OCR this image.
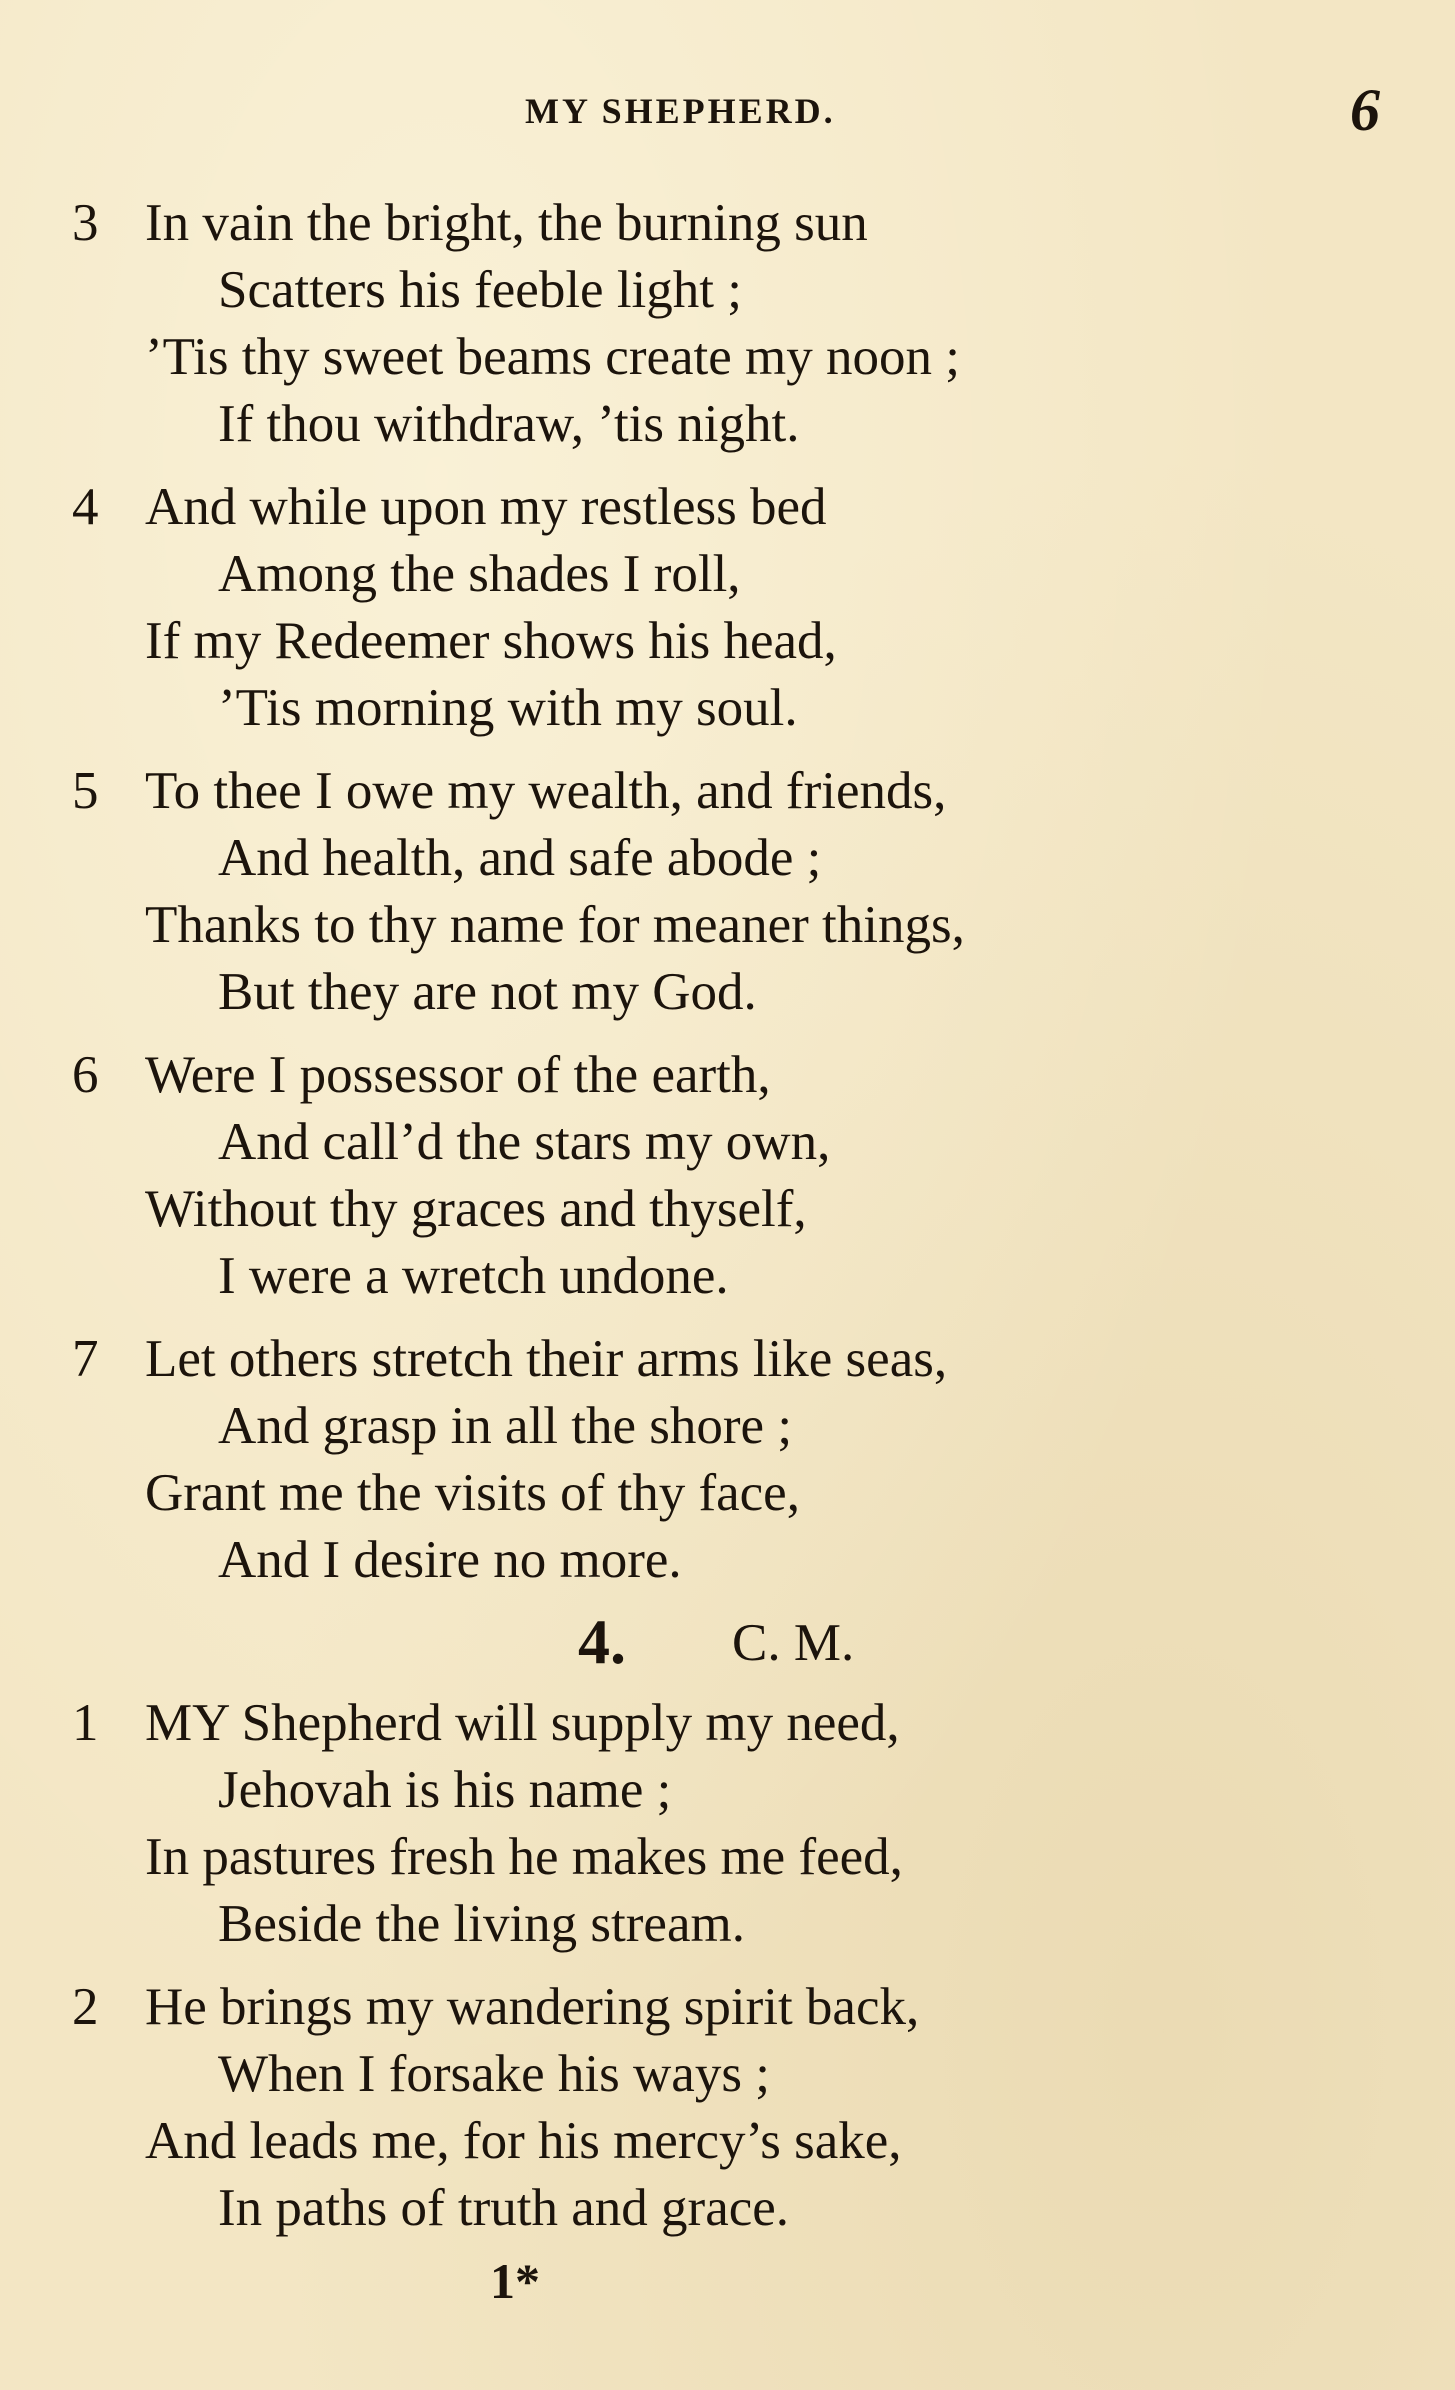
MY SHEPHERD.	6
3 In vain the bright, the burning sun
Scatters his feeble light ;
’Tis thy sweet beams create my noon ;
If thou withdraw, ’tis night.
4 And while upon my restless bed
Among the shades I roll,
If my Redeemer shows his head,
’Tis morning with my soul.
5 To thee I owe my wealth, and friends,
And health, and safe abode ;
Thanks to thy name for meaner things,
But they are not my God.
6 Were I possessor of the earth,
And call’d the stars my own,
Without thy graces and thyself,
I were a wretch undone.
7 Let others stretch their arms like seas,
And grasp in all the shore ;
Grant me the visits of thy face,
And I desire no more.
4. C. M.
1 MY Shepherd will supply my need,
Jehovah is his name ;
In pastures fresh he makes me feed,
Beside the living stream.
2 He brings my wandering spirit back,
When I forsake his ways ;
And leads me, for his mercy’s sake,
In paths of truth and grace.
1*
